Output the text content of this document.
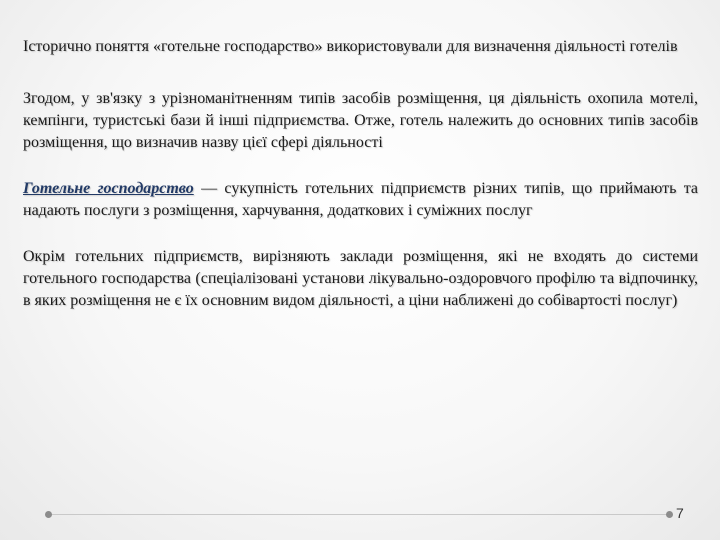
Історично поняття «готельне господарство» використовували для визначення діяльності готелів

Згодом, у зв'язку з урізноманітненням типів засобів розміщення, ця діяльність охопила мотелі, кемпінги, туристські бази й інші підприємства. Отже, готель належить до основних типів засобів розміщення, що визначив назву цієї сфері діяльності

Готельне господарство — сукупність готельних підприємств різних типів, що приймають та надають послуги з розміщення, харчування, додаткових і суміжних послуг

Окрім готельних підприємств, вирізняють заклади розміщення, які не входять до системи готельного господарства (спеціалізовані установи лікувально-оздоровчого профілю та відпочинку, в яких розміщення не є їх основним видом діяльності, а ціни наближені до собівартості послуг)

7
